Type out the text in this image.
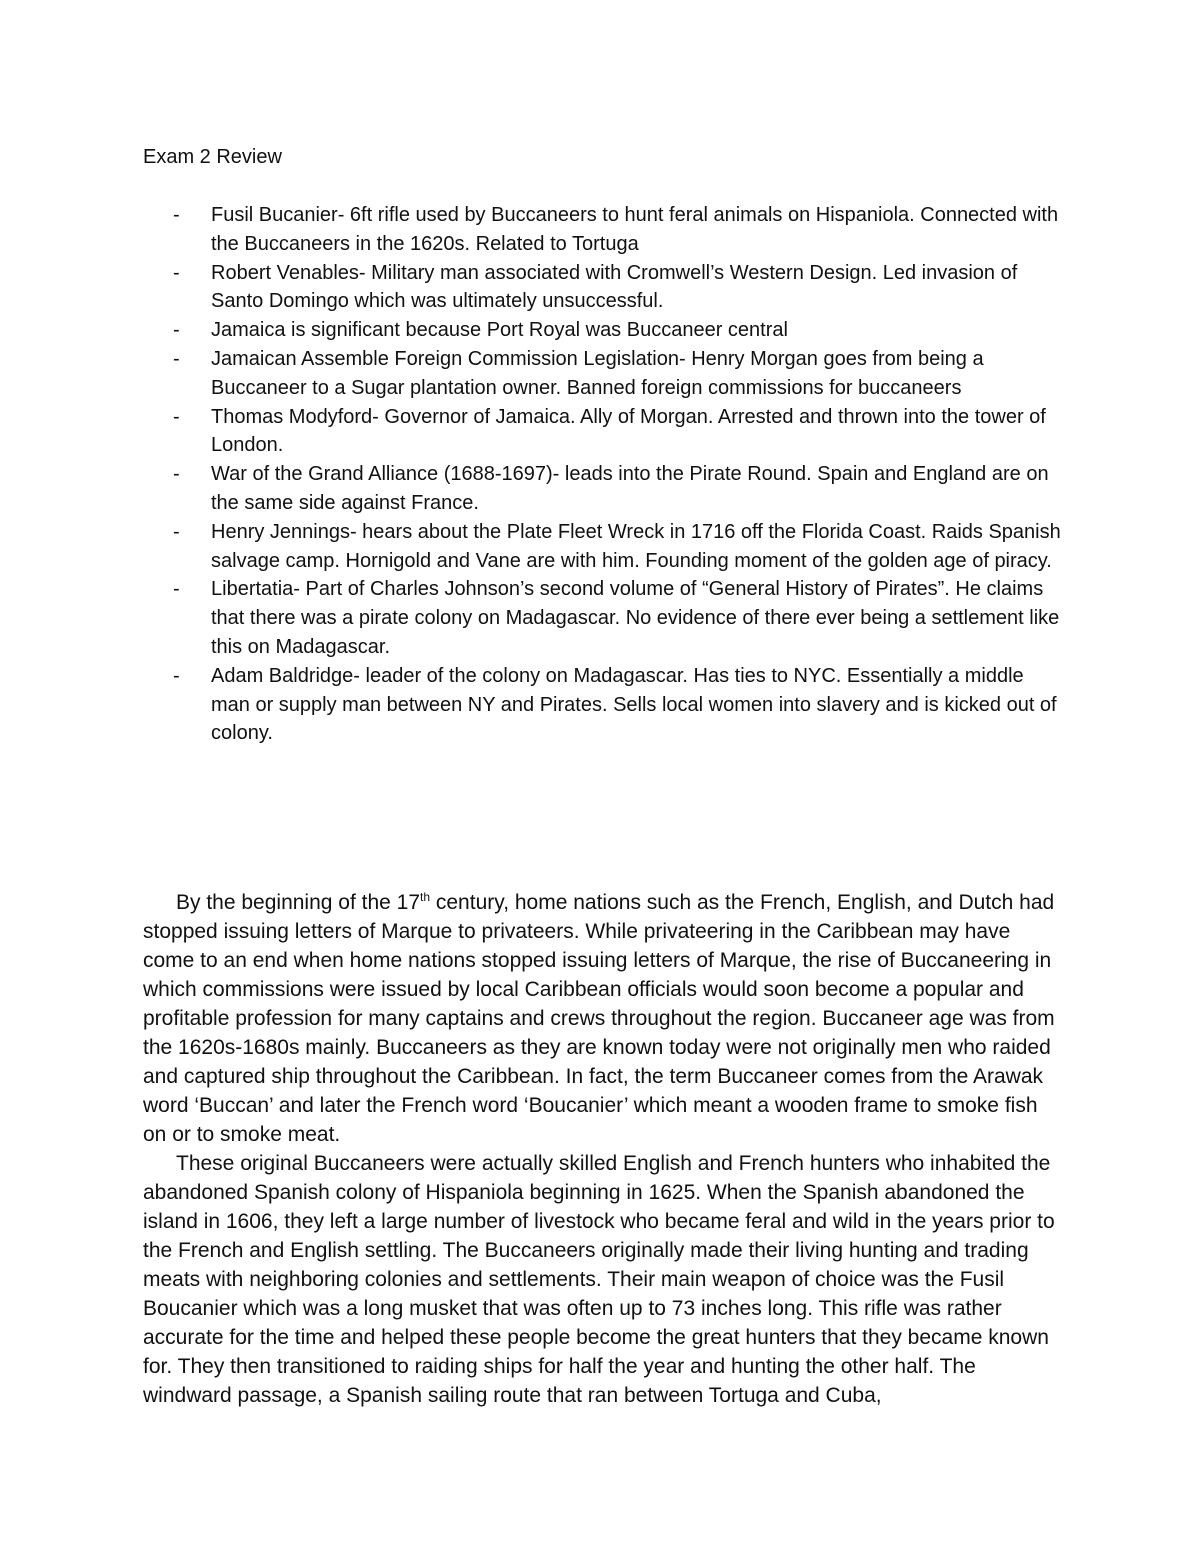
Exam 2 Review
- Fusil Bucanier- 6ft rifle used by Buccaneers to hunt feral animals on Hispaniola. Connected with the Buccaneers in the 1620s. Related to Tortuga
- Robert Venables- Military man associated with Cromwell’s Western Design. Led invasion of Santo Domingo which was ultimately unsuccessful.
- Jamaica is significant because Port Royal was Buccaneer central
- Jamaican Assemble Foreign Commission Legislation- Henry Morgan goes from being a Buccaneer to a Sugar plantation owner. Banned foreign commissions for buccaneers
- Thomas Modyford- Governor of Jamaica. Ally of Morgan. Arrested and thrown into the tower of London.
- War of the Grand Alliance (1688-1697)- leads into the Pirate Round. Spain and England are on the same side against France.
- Henry Jennings- hears about the Plate Fleet Wreck in 1716 off the Florida Coast. Raids Spanish salvage camp. Hornigold and Vane are with him. Founding moment of the golden age of piracy.
- Libertatia- Part of Charles Johnson’s second volume of “General History of Pirates”. He claims that there was a pirate colony on Madagascar. No evidence of there ever being a settlement like this on Madagascar.
- Adam Baldridge- leader of the colony on Madagascar. Has ties to NYC. Essentially a middle man or supply man between NY and Pirates. Sells local women into slavery and is kicked out of colony.

By the beginning of the 17th century, home nations such as the French, English, and Dutch had stopped issuing letters of Marque to privateers. While privateering in the Caribbean may have come to an end when home nations stopped issuing letters of Marque, the rise of Buccaneering in which commissions were issued by local Caribbean officials would soon become a popular and profitable profession for many captains and crews throughout the region. Buccaneer age was from the 1620s-1680s mainly. Buccaneers as they are known today were not originally men who raided and captured ship throughout the Caribbean. In fact, the term Buccaneer comes from the Arawak word ‘Buccan’ and later the French word ‘Boucanier’ which meant a wooden frame to smoke fish on or to smoke meat.

These original Buccaneers were actually skilled English and French hunters who inhabited the abandoned Spanish colony of Hispaniola beginning in 1625. When the Spanish abandoned the island in 1606, they left a large number of livestock who became feral and wild in the years prior to the French and English settling. The Buccaneers originally made their living hunting and trading meats with neighboring colonies and settlements. Their main weapon of choice was the Fusil Boucanier which was a long musket that was often up to 73 inches long. This rifle was rather accurate for the time and helped these people become the great hunters that they became known for. They then transitioned to raiding ships for half the year and hunting the other half. The windward passage, a Spanish sailing route that ran between Tortuga and Cuba,
